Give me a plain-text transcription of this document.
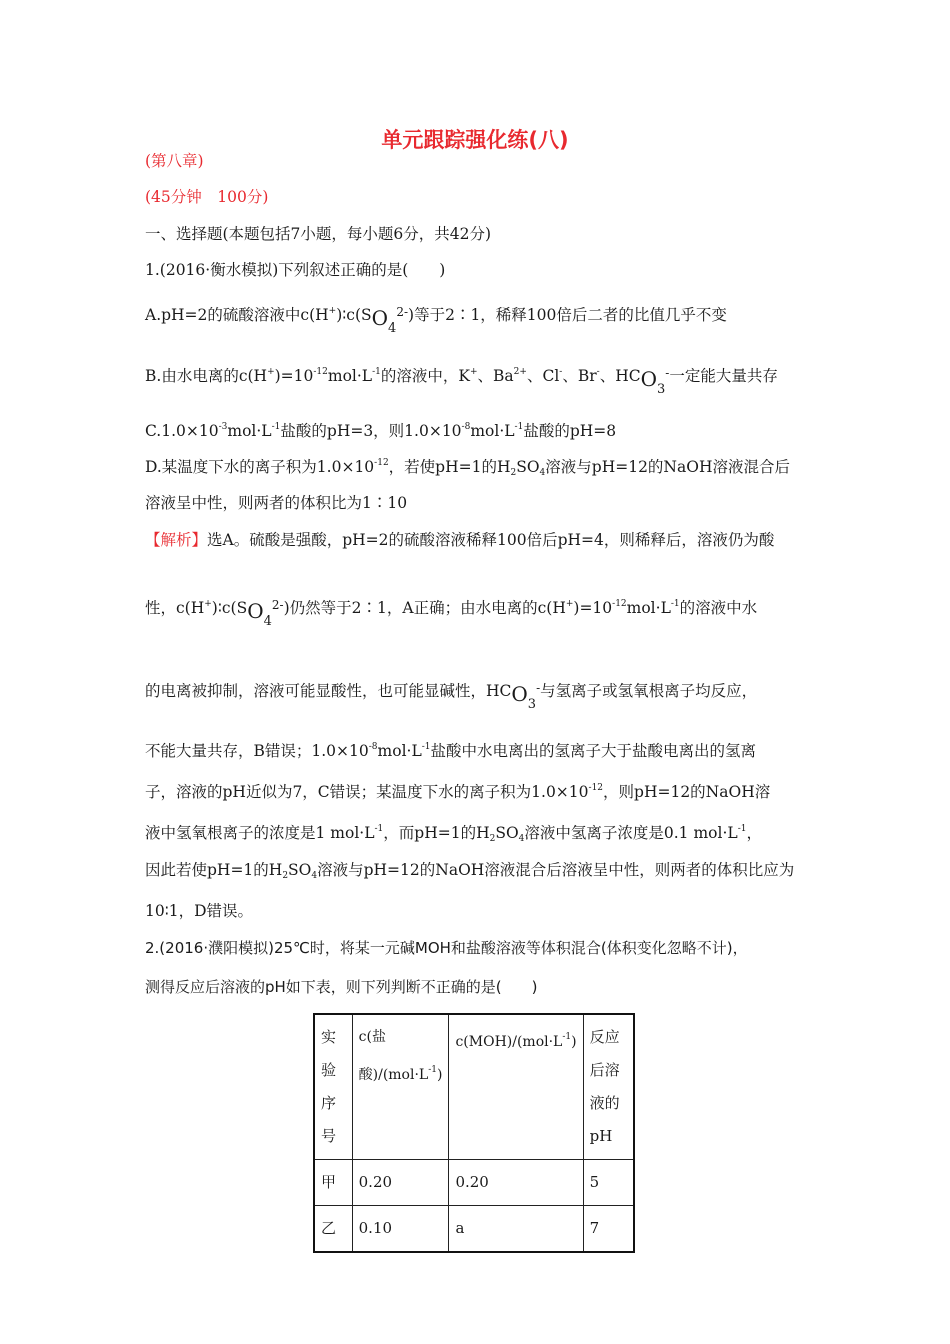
单元跟踪强化练(八)
(第八章)
(45分钟　100分)
一、选择题(本题包括7小题，每小题6分，共42分)
1.(2016·衡水模拟)下列叙述正确的是(　　)
A.pH=2的硫酸溶液中$c(H^+)∶c(SO_4^{2-})$等于2∶1，稀释100倍后二者的比值几乎不变
B.由水电离的$c(H^+)=10^{-12}mol\cdot L^{-1}$的溶液中，K+、$Ba^{2+}$、Cl-、Br-、$HCO_3^-$一定能大量共存
$C.1.0\times 10^{-3}mol\cdot L^{-1}$盐酸的pH=3，则$1.0\times 10^{-8}mol\cdot L^{-1}$盐酸的pH=8
D.某温度下水的离子积为$1.0\times 10^{-12}$，若使pH=1的$H_2SO_4$溶液与pH=12的NaOH溶液混合后
溶液呈中性，则两者的体积比为1∶10
【解析】选A。硫酸是强酸，pH=2的硫酸溶液稀释100倍后pH=4，则稀释后，溶液仍为酸
性，$c(H^+)∶c(SO_4^{2-})$仍然等于2∶1，A正确；由水电离的$c(H^+)=10^{-12}mol\cdot L^{-1}$的溶液中水
的电离被抑制，溶液可能显酸性，也可能显碱性，$HCO_3^-$与氢离子或氢氧根离子均反应，
不能大量共存，B错误；$1.0\times 10^{-8}mol\cdot L^{-1}$盐酸中水电离出的氢离子大于盐酸电离出的氢离
子，溶液的pH近似为7，C错误；某温度下水的离子积为$1.0\times 10^{-12}$，则pH=12的NaOH溶
液中氢氧根离子的浓度是1 $mol\cdot L^{-1}$，而pH=1的$H_2SO_4$溶液中氢离子浓度是0.1 $mol\cdot L^{-1}$，
因此若使pH=1的$H_2SO_4$溶液与pH=12的NaOH溶液混合后溶液呈中性，则两者的体积比应为
10∶1，D错误。
2.(2016·濮阳模拟)25℃时，将某一元碱MOH和盐酸溶液等体积混合(体积变化忽略不计)，
测得反应后溶液的pH如下表，则下列判断不正确的是(　　)
实验序号	c(盐酸)$/(mol\cdot L^{-1})$	$c(MOH)/(mol\cdot L^{-1})$	反应后溶液的pH
甲	0.20	0.20	5
乙	0.10	a	7
